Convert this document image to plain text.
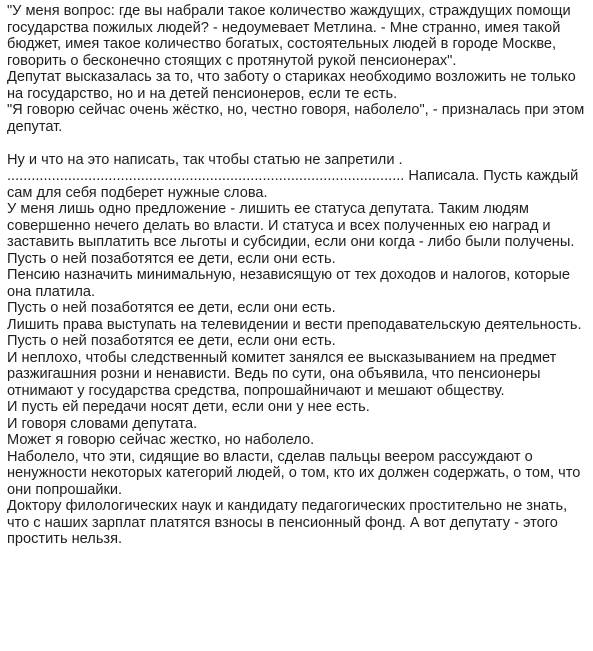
"У меня вопрос: где вы набрали такое количество жаждущих, страждущих помощи государства пожилых людей? - недоумевает Метлина. - Мне странно, имея такой бюджет, имея такое количество богатых, состоятельных людей в городе Москве, говорить о бесконечно стоящих с протянутой рукой пенсионерах".

Депутат высказалась за то, что заботу о стариках необходимо возложить не только на государство, но и на детей пенсионеров, если те есть.

"Я говорю сейчас очень жёстко, но, честно говоря, наболело", - призналась при этом депутат.

Ну и что на это написать, так чтобы статью не запретили .

.................................................................................................. Написала. Пусть каждый сам для себя подберет нужные слова.

У меня лишь одно предложение - лишить ее статуса депутата. Таким людям совершенно нечего делать во власти. И статуса и всех полученных ею наград и заставить выплатить все льготы и субсидии, если они когда - либо были получены.

Пусть о ней позаботятся ее дети, если они есть.

Пенсию назначить минимальную, независящую от тех доходов и налогов, которые она платила.

Пусть о ней позаботятся ее дети, если они есть.

Лишить права выступать на телевидении и вести преподавательскую деятельность. Пусть о ней позаботятся ее дети, если они есть.

И неплохо, чтобы следственный комитет занялся ее высказыванием на предмет разжигашния розни и ненависти. Ведь по сути, она объявила, что пенсионеры отнимают у государства средства, попрошайничают и мешают обществу.

И пусть ей передачи носят дети, если они у нее есть.

И говоря словами депутата.

Может я говорю сейчас жестко, но наболело.

Наболело, что эти, сидящие во власти, сделав пальцы веером рассуждают о ненужности некоторых категорий людей, о том, кто их должен содержать, о том, что они попрошайки.

Доктору филологических наук и кандидату педагогических простительно не знать, что с наших зарплат платятся взносы в пенсионный фонд. А вот депутату - этого простить нельзя.
